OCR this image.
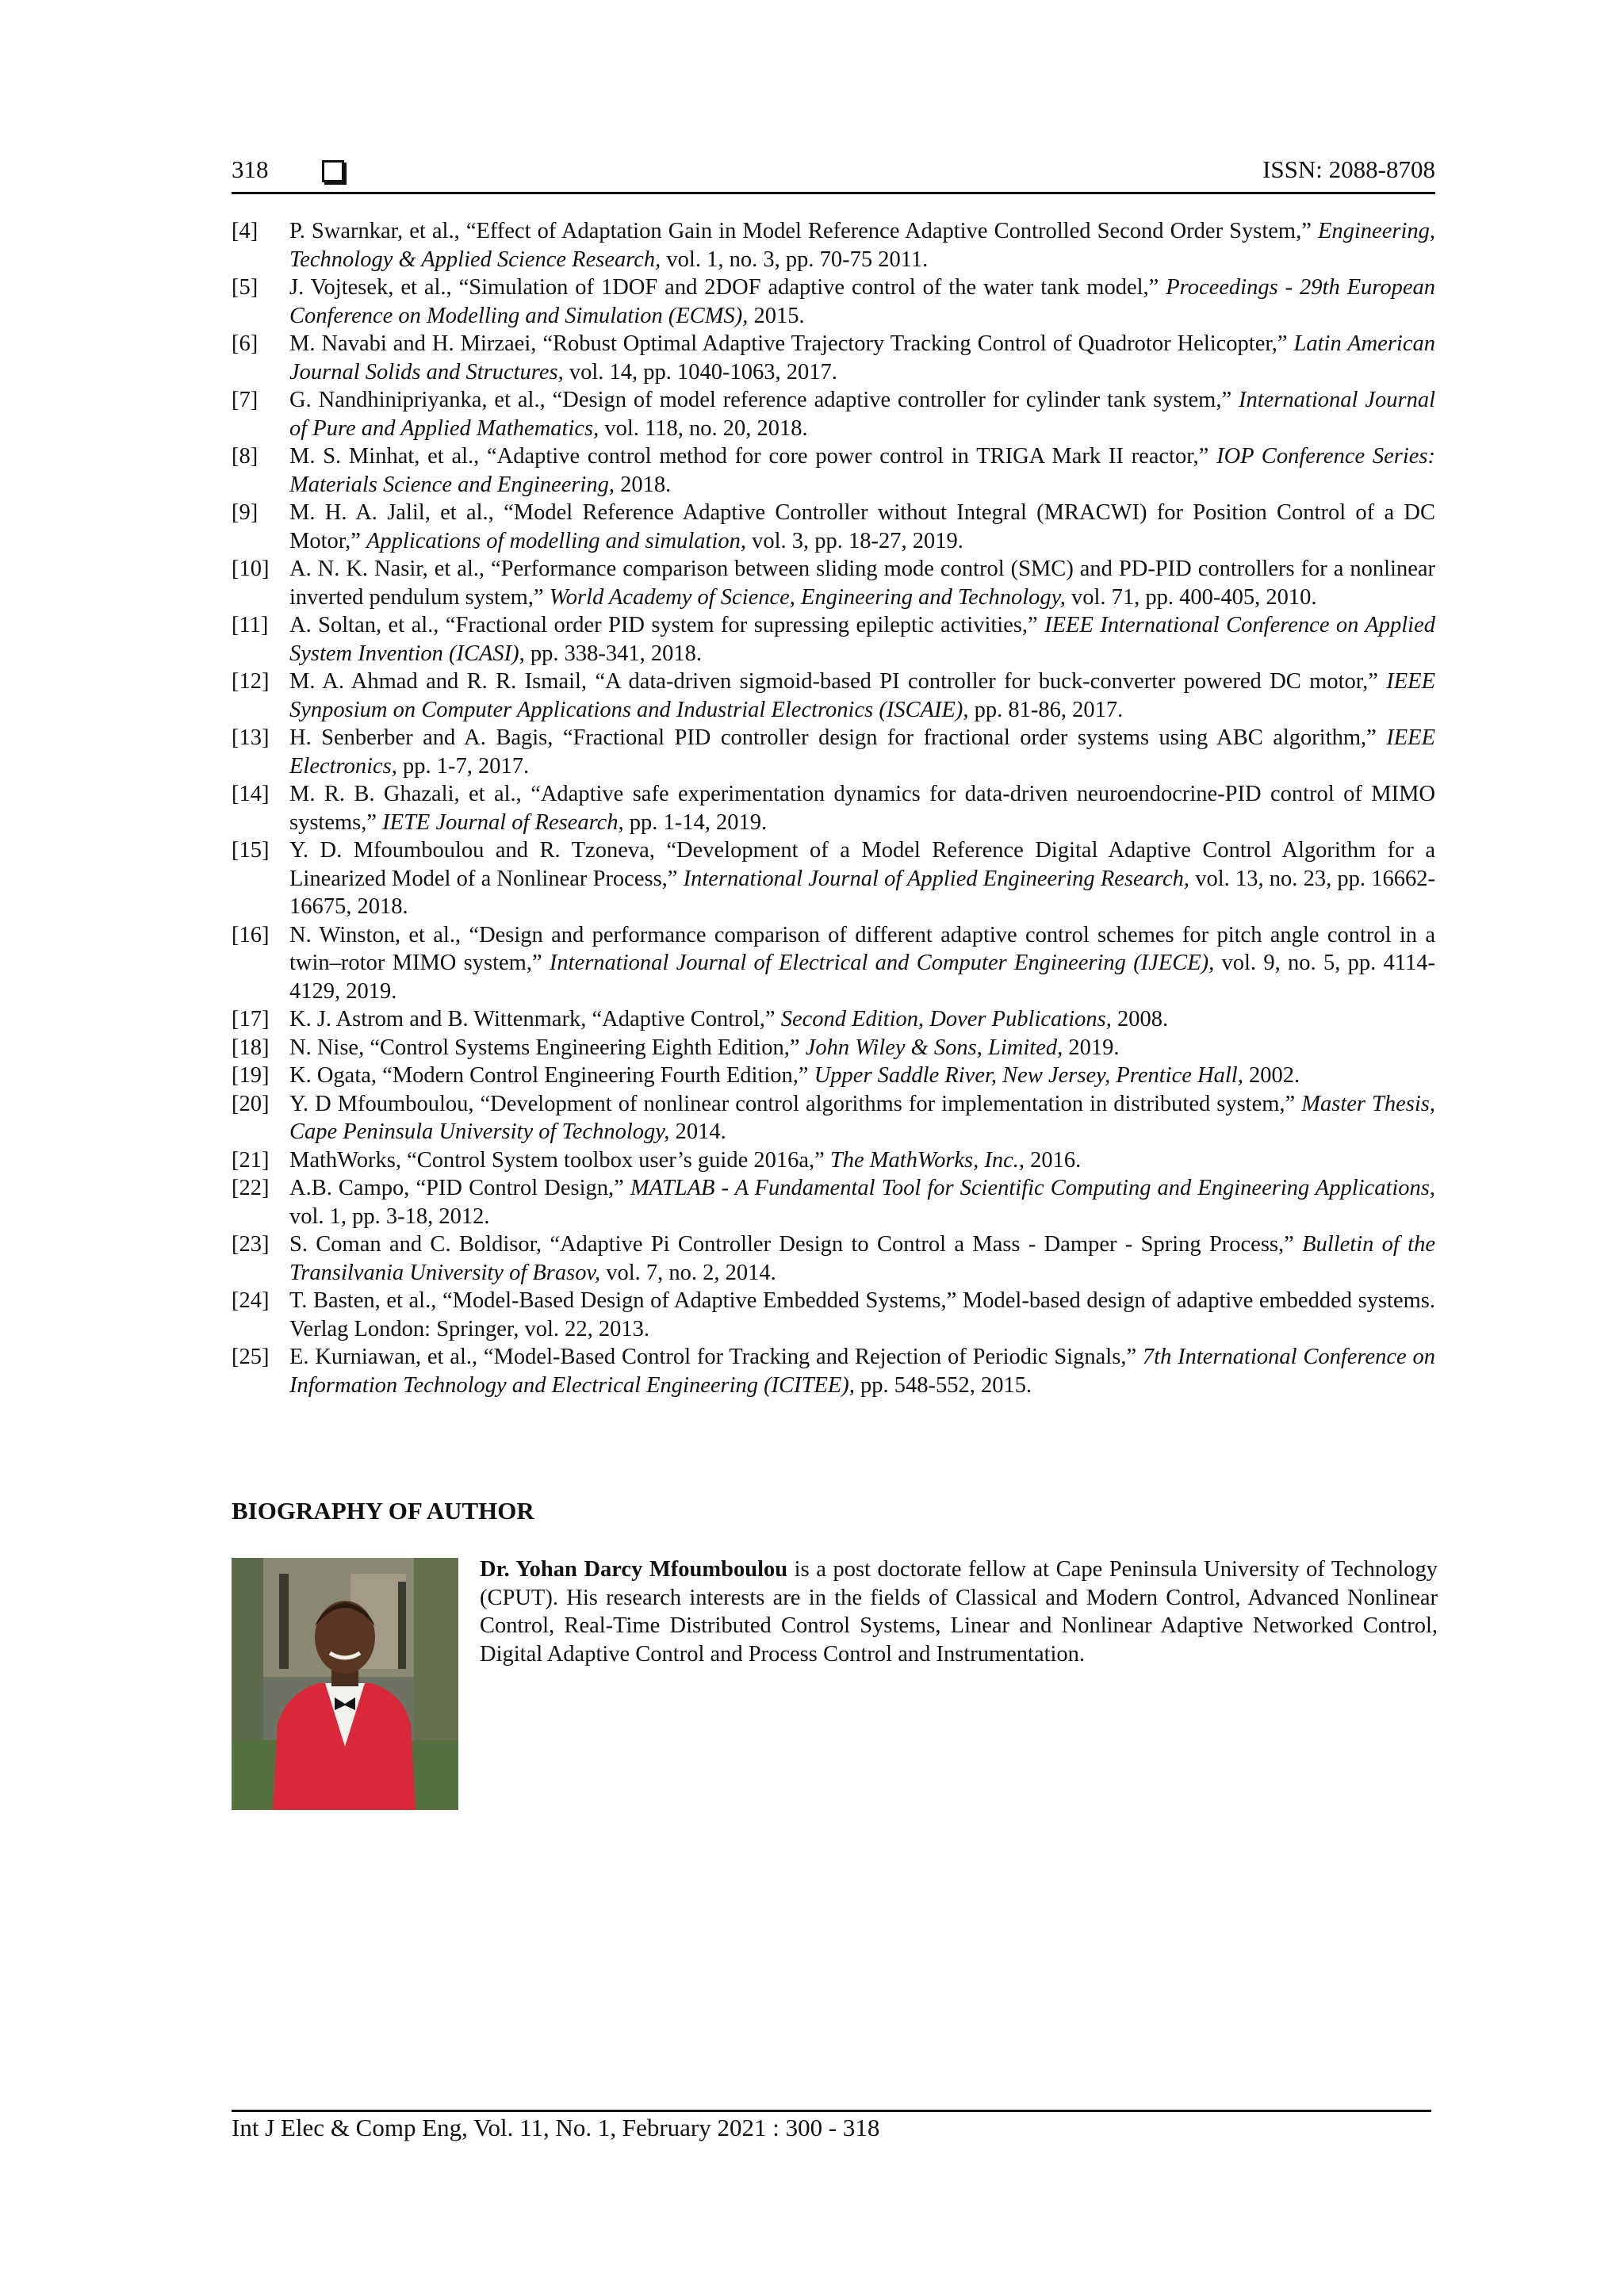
318	ISSN: 2088-8708
[4] P. Swarnkar, et al., “Effect of Adaptation Gain in Model Reference Adaptive Controlled Second Order System,” Engineering, Technology & Applied Science Research, vol. 1, no. 3, pp. 70-75 2011.
[5] J. Vojtesek, et al., “Simulation of 1DOF and 2DOF adaptive control of the water tank model,” Proceedings - 29th European Conference on Modelling and Simulation (ECMS), 2015.
[6] M. Navabi and H. Mirzaei, “Robust Optimal Adaptive Trajectory Tracking Control of Quadrotor Helicopter,” Latin American Journal Solids and Structures, vol. 14, pp. 1040-1063, 2017.
[7] G. Nandhinipriyanka, et al., “Design of model reference adaptive controller for cylinder tank system,” International Journal of Pure and Applied Mathematics, vol. 118, no. 20, 2018.
[8] M. S. Minhat, et al., “Adaptive control method for core power control in TRIGA Mark II reactor,” IOP Conference Series: Materials Science and Engineering, 2018.
[9] M. H. A. Jalil, et al., “Model Reference Adaptive Controller without Integral (MRACWI) for Position Control of a DC Motor,” Applications of modelling and simulation, vol. 3, pp. 18-27, 2019.
[10] A. N. K. Nasir, et al., “Performance comparison between sliding mode control (SMC) and PD-PID controllers for a nonlinear inverted pendulum system,” World Academy of Science, Engineering and Technology, vol. 71, pp. 400-405, 2010.
[11] A. Soltan, et al., “Fractional order PID system for supressing epileptic activities,” IEEE International Conference on Applied System Invention (ICASI), pp. 338-341, 2018.
[12] M. A. Ahmad and R. R. Ismail, “A data-driven sigmoid-based PI controller for buck-converter powered DC motor,” IEEE Synposium on Computer Applications and Industrial Electronics (ISCAIE), pp. 81-86, 2017.
[13] H. Senberber and A. Bagis, “Fractional PID controller design for fractional order systems using ABC algorithm,” IEEE Electronics, pp. 1-7, 2017.
[14] M. R. B. Ghazali, et al., “Adaptive safe experimentation dynamics for data-driven neuroendocrine-PID control of MIMO systems,” IETE Journal of Research, pp. 1-14, 2019.
[15] Y. D. Mfoumboulou and R. Tzoneva, “Development of a Model Reference Digital Adaptive Control Algorithm for a Linearized Model of a Nonlinear Process,” International Journal of Applied Engineering Research, vol. 13, no. 23, pp. 16662-16675, 2018.
[16] N. Winston, et al., “Design and performance comparison of different adaptive control schemes for pitch angle control in a twin–rotor MIMO system,” International Journal of Electrical and Computer Engineering (IJECE), vol. 9, no. 5, pp. 4114-4129, 2019.
[17] K. J. Astrom and B. Wittenmark, “Adaptive Control,” Second Edition, Dover Publications, 2008.
[18] N. Nise, “Control Systems Engineering Eighth Edition,” John Wiley & Sons, Limited, 2019.
[19] K. Ogata, “Modern Control Engineering Fourth Edition,” Upper Saddle River, New Jersey, Prentice Hall, 2002.
[20] Y. D Mfoumboulou, “Development of nonlinear control algorithms for implementation in distributed system,” Master Thesis, Cape Peninsula University of Technology, 2014.
[21] MathWorks, “Control System toolbox user’s guide 2016a,” The MathWorks, Inc., 2016.
[22] A.B. Campo, “PID Control Design,” MATLAB - A Fundamental Tool for Scientific Computing and Engineering Applications, vol. 1, pp. 3-18, 2012.
[23] S. Coman and C. Boldisor, “Adaptive Pi Controller Design to Control a Mass - Damper - Spring Process,” Bulletin of the Transilvania University of Brasov, vol. 7, no. 2, 2014.
[24] T. Basten, et al., “Model-Based Design of Adaptive Embedded Systems,” Model-based design of adaptive embedded systems. Verlag London: Springer, vol. 22, 2013.
[25] E. Kurniawan, et al., “Model-Based Control for Tracking and Rejection of Periodic Signals,” 7th International Conference on Information Technology and Electrical Engineering (ICITEE), pp. 548-552, 2015.
BIOGRAPHY OF AUTHOR
Dr. Yohan Darcy Mfoumboulou is a post doctorate fellow at Cape Peninsula University of Technology (CPUT). His research interests are in the fields of Classical and Modern Control, Advanced Nonlinear Control, Real-Time Distributed Control Systems, Linear and Nonlinear Adaptive Networked Control, Digital Adaptive Control and Process Control and Instrumentation.
Int J Elec & Comp Eng, Vol. 11, No. 1, February 2021 : 300 - 318
